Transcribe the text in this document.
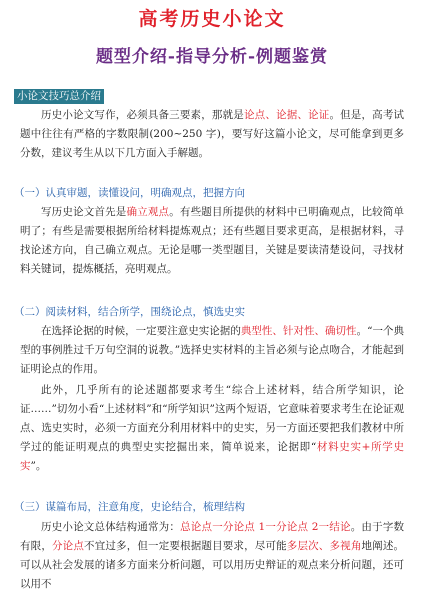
高考历史小论文
题型介绍-指导分析-例题鉴赏
小论文技巧总介绍

历史小论文写作，必须具备三要素，那就是论点、论据、论证。但是，高考试题中往往有严格的字数限制(200~250 字)，要写好这篇小论文，尽可能拿到更多分数，建议考生从以下几方面入手解题。

（一）认真审题，读懂设问，明确观点，把握方向

写历史论文首先是确立观点。有些题目所提供的材料中已明确观点，比较简单明了；有些是需要根据所给材料提炼观点；还有些题目要求更高，是根据材料，寻找论述方向，自己确立观点。无论是哪一类型题目，关键是要读清楚设问，寻找材料关键词，提炼概括，亮明观点。

（二）阅读材料，结合所学，围绕论点，慎选史实

在选择论据的时候，一定要注意史实论据的典型性、针对性、确切性。“一个典型的事例胜过千万句空洞的说教。”选择史实材料的主旨必须与论点吻合，才能起到证明论点的作用。

此外，几乎所有的论述题都要求考生“综合上述材料，结合所学知识，论证……”切勿小看“上述材料”和“所学知识”这两个短语，它意味着要求考生在论证观点、选史实时，必须一方面充分利用材料中的史实，另一方面还要把我们教材中所学过的能证明观点的典型史实挖掘出来，简单说来，论据即“材料史实+所学史实”。

（三）谋篇布局，注意角度，史论结合，梳理结构

历史小论文总体结构通常为：总论点一分论点 1一分论点 2一结论。由于字数有限，分论点不宜过多，但一定要根据题目要求，尽可能多层次、多视角地阐述。可以从社会发展的诸多方面来分析问题，可以用历史辩证的观点来分析问题，还可以用不
